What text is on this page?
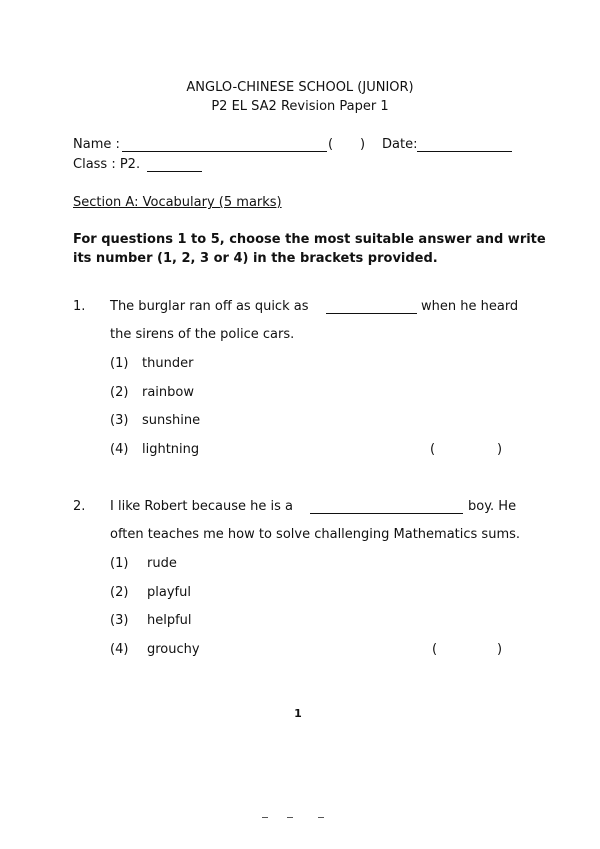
ANGLO-CHINESE SCHOOL (JUNIOR)
P2 EL SA2 Revision Paper 1
Name :	( ) Date:
Class : P2.
Section A: Vocabulary (5 marks)
For questions 1 to 5, choose the most suitable answer and write
its number (1, 2, 3 or 4) in the brackets provided.
1. The burglar ran off as quick as	when he heard
the sirens of the police cars.
(1) thunder
(2) rainbow
(3) sunshine
(4) lightning	(	)
2. I like Robert because he is a	boy. He
often teaches me how to solve challenging Mathematics sums.
(1) rude
(2) playful
(3) helpful
(4) grouchy	(	)
1
